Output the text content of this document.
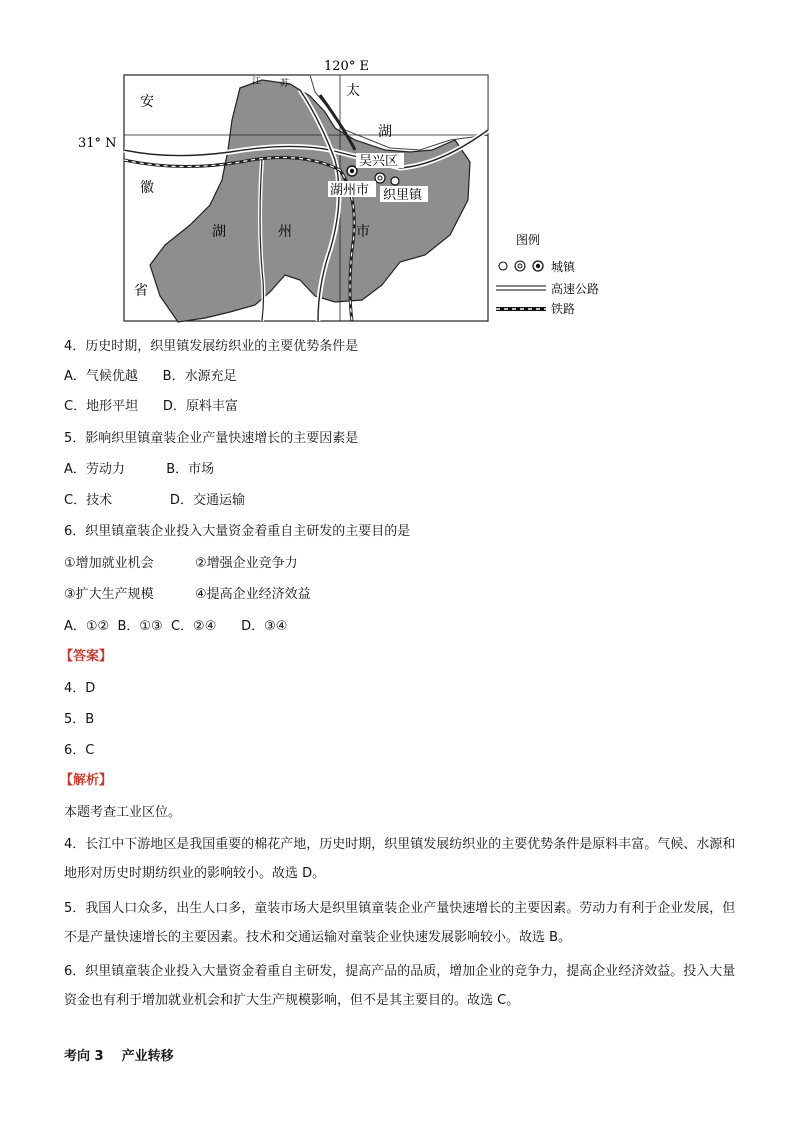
120° E
31° N
安
徽
省
江 苏	太
湖
吴兴区
湖州市 织里镇
湖	州	市	图例
城镇
高速公路
铁路
4．历史时期，织里镇发展纺织业的主要优势条件是
A．气候优越      B．水源充足
C．地形平坦      D．原料丰富
5．影响织里镇童装企业产量快速增长的主要因素是
A．劳动力          B．市场
C．技术              D．交通运输
6．织里镇童装企业投入大量资金着重自主研发的主要目的是
①增加就业机会          ②增强企业竞争力
③扩大生产规模          ④提高企业经济效益
A．①②  B．①③  C．②④      D．③④
【答案】
4．D
5．B
6．C
【解析】
本题考查工业区位。
4．长江中下游地区是我国重要的棉花产地，历史时期，织里镇发展纺织业的主要优势条件是原料丰富。气候、水源和地形对历史时期纺织业的影响较小。故选 D。
5．我国人口众多，出生人口多，童装市场大是织里镇童装企业产量快速增长的主要因素。劳动力有利于企业发展，但不是产量快速增长的主要因素。技术和交通运输对童装企业快速发展影响较小。故选 B。
6．织里镇童装企业投入大量资金着重自主研发，提高产品的品质，增加企业的竞争力，提高企业经济效益。投入大量资金也有利于增加就业机会和扩大生产规模影响，但不是其主要目的。故选 C。
考向 3    产业转移
